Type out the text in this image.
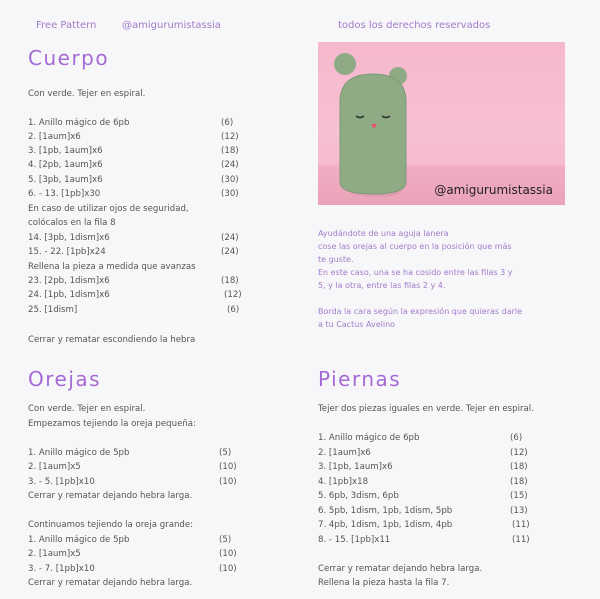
Free Pattern	@amigurumistassia	todos los derechos reservados
Cuerpo
Con verde. Tejer en espiral.
1. Anillo mágico de 6pb	(6)
2. [1aum]x6	(12)
3. [1pb, 1aum]x6	(18)
4. [2pb, 1aum]x6	(24)
5. [3pb, 1aum]x6	(30)
6. - 13. [1pb]x30	(30)
En caso de utilizar ojos de seguridad,
colócalos en la fila 8
14. [3pb, 1dism]x6	(24)
15. - 22. [1pb]x24	(24)
Rellena la pieza a medida que avanzas
23. [2pb, 1dism]x6	(18)
24. [1pb, 1dism]x6	(12)
25. [1dism]	(6)
Cerrar y rematar escondiendo la hebra
Orejas
Con verde. Tejer en espiral.
Empezamos tejiendo la oreja pequeña:
1. Anillo mágico de 5pb	(5)
2. [1aum]x5	(10)
3. - 5. [1pb]x10	(10)
Cerrar y rematar dejando hebra larga.
Continuamos tejiendo la oreja grande:
1. Anillo mágico de 5pb	(5)
2. [1aum]x5	(10)
3. - 7. [1pb]x10	(10)
Cerrar y rematar dejando hebra larga.
@amigurumistassia
Ayudándote de una aguja lanera
cose las orejas al cuerpo en la posición que más
te guste.
En este caso, una se ha cosido entre las filas 3 y
5, y la otra, entre las filas 2 y 4.
Borda la cara según la expresión que quieras darle
a tu Cactus Avelino
Piernas
Tejer dos piezas iguales en verde. Tejer en espiral.
1. Anillo mágico de 6pb	(6)
2. [1aum]x6	(12)
3. [1pb, 1aum]x6	(18)
4. [1pb]x18	(18)
5. 6pb, 3dism, 6pb	(15)
6. 5pb, 1dism, 1pb, 1dism, 5pb	(13)
7. 4pb, 1dism, 1pb, 1dism, 4pb	(11)
8. - 15. [1pb]x11	(11)
Cerrar y rematar dejando hebra larga.
Rellena la pieza hasta la fila 7.
